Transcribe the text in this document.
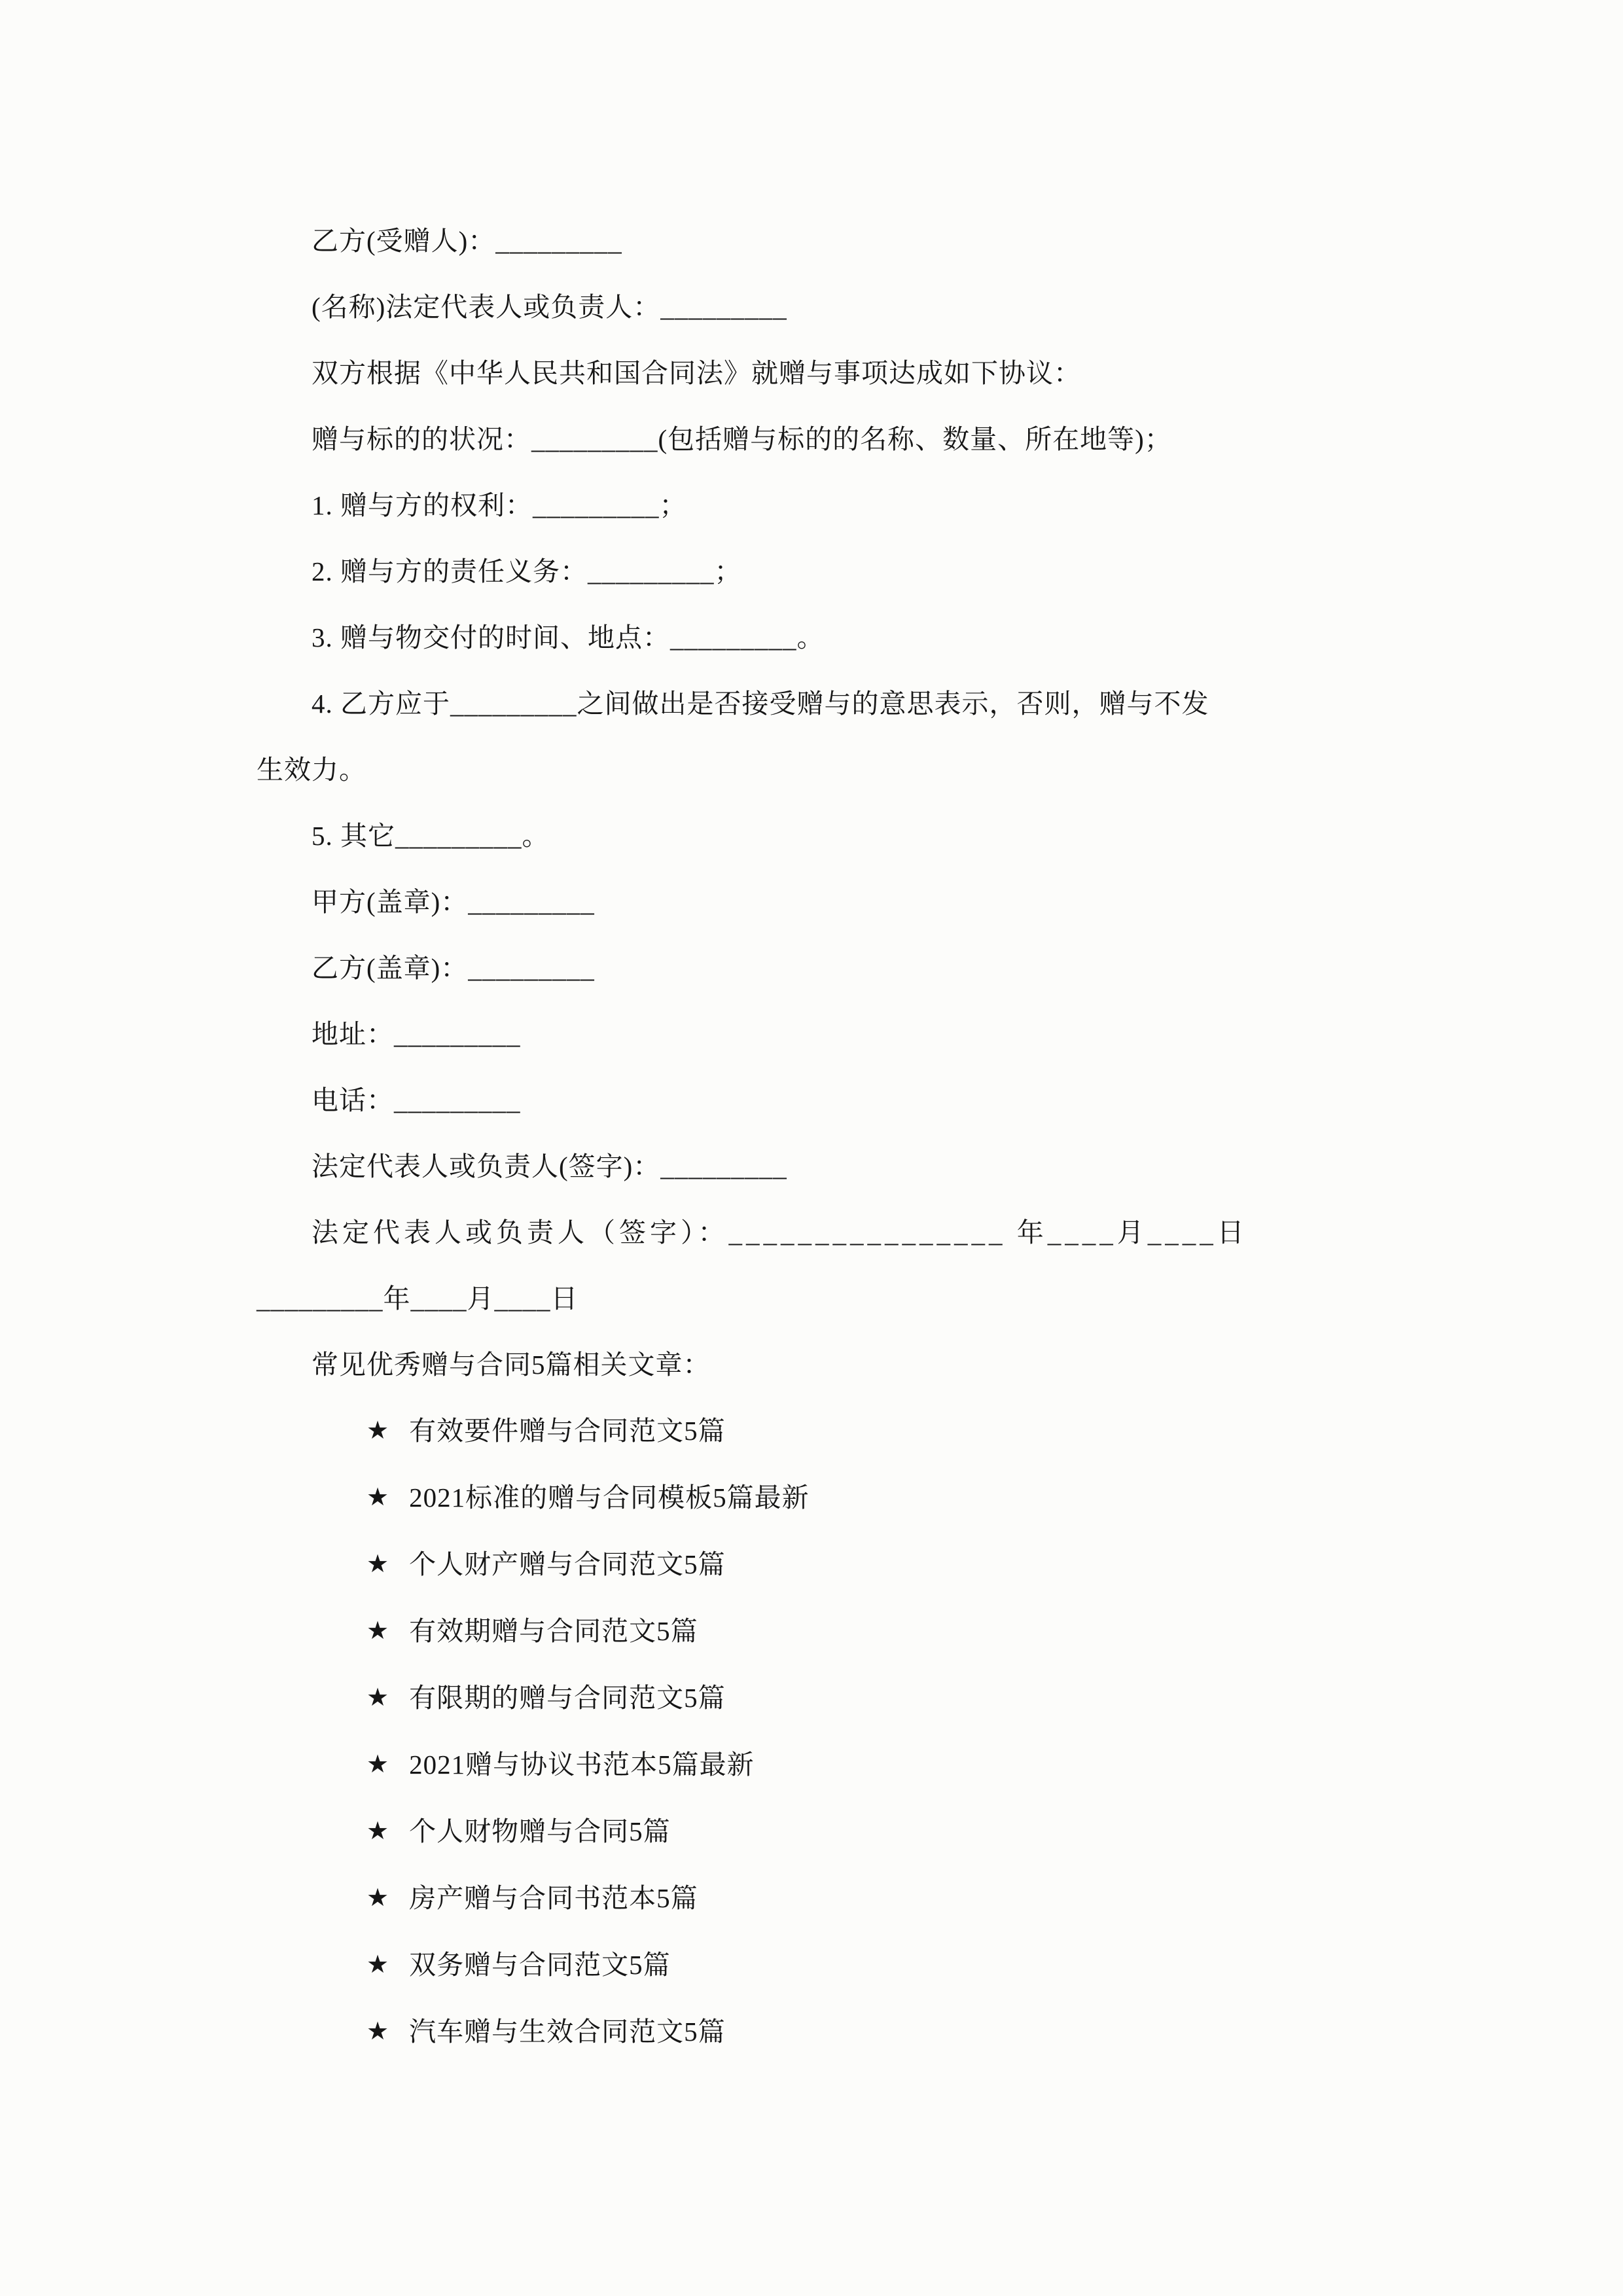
乙方(受赠人)：_________

(名称)法定代表人或负责人：_________

双方根据《中华人民共和国合同法》就赠与事项达成如下协议：

赠与标的的状况：_________(包括赠与标的的名称、数量、所在地等)；

1. 赠与方的权利：_________；

2. 赠与方的责任义务：_________；

3. 赠与物交付的时间、地点：_________。

4. 乙方应于_________之间做出是否接受赠与的意思表示，否则，赠与不发

生效力。

5. 其它_________。

甲方(盖章)：_________

乙方(盖章)：_________

地址：_________

电话：_________

法定代表人或负责人(签字)：_________

法定代表人或负责人（签字）：________________ 年____月____日

_________年____月____日

常见优秀赠与合同5篇相关文章：

★ 有效要件赠与合同范文5篇

★ 2021标准的赠与合同模板5篇最新

★ 个人财产赠与合同范文5篇

★ 有效期赠与合同范文5篇

★ 有限期的赠与合同范文5篇

★ 2021赠与协议书范本5篇最新

★ 个人财物赠与合同5篇

★ 房产赠与合同书范本5篇

★ 双务赠与合同范文5篇

★ 汽车赠与生效合同范文5篇
